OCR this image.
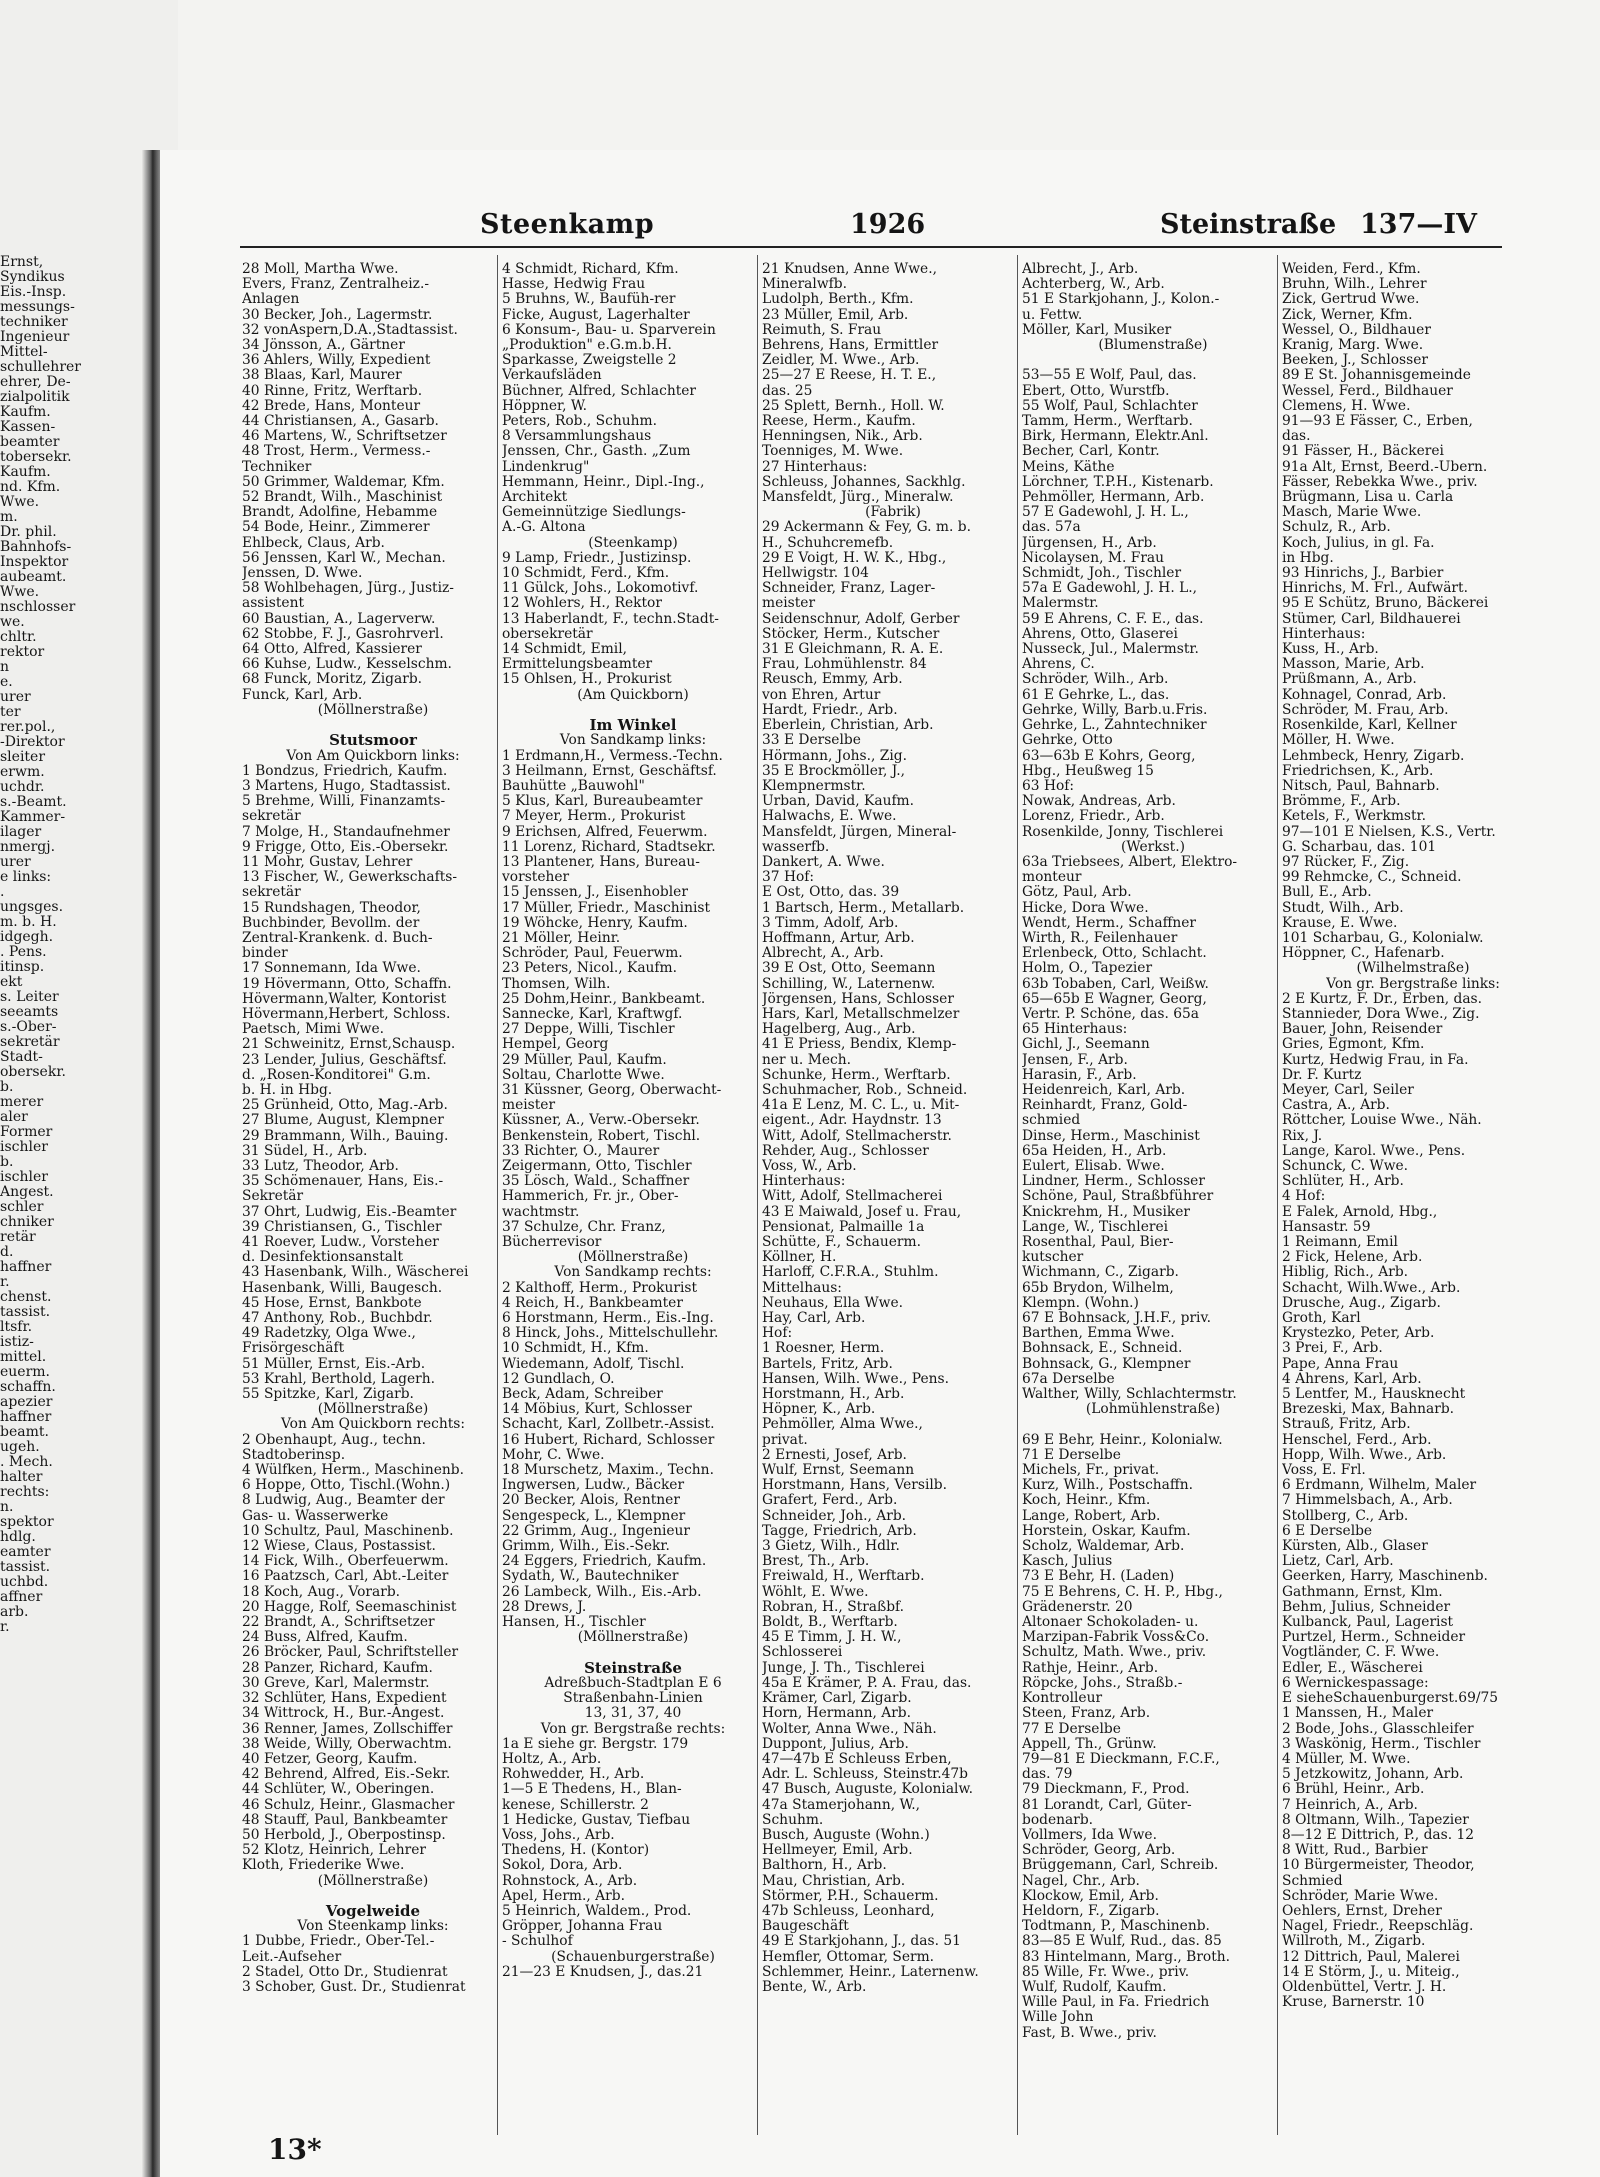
Ernst,
Syndikus
Eis.-Insp.
messungs-
techniker
Ingenieur
Mittel-
schullehrer
ehrer, De-
zialpolitik
Kaufm.
Kassen-
beamter
tobersekr.
Kaufm.
nd. Kfm.
Wwe.
m.
Dr. phil.
Bahnhofs-
Inspektor
aubeamt.
Wwe.
nschlosser
we.
chltr.
rektor
n
e.
urer
ter
rer.pol.,
-Direktor
sleiter
erwm.
uchdr.
s.-Beamt.
Kammer-
ilager
nmergj.
urer
e links:
.
ungsges.
m. b. H.
idgegh.
. Pens.
itinsp.
ekt
s. Leiter
seeamts
s.-Ober-
sekretär
Stadt-
obersekr.
b.
merer
aler
Former
ischler
b.
ischler
Angest.
schler
chniker
retär
d.
haffner
r.
chenst.
tassist.
ltsfr.
istiz-
mittel.
euerm.
schaffn.
apezier
haffner
beamt.
ugeh.
. Mech.
halter
rechts:
n.
spektor
hdlg.
eamter
tassist.
uchbd.
affner
arb.
r.
Steenkamp	1926	Steinstraße 137—IV
28 Moll, Martha Wwe.
Evers, Franz, Zentralheiz.-
Anlagen
30 Becker, Joh., Lagermstr.
32 vonAspern,D.A.,Stadtassist.
34 Jönsson, A., Gärtner
36 Ahlers, Willy, Expedient
38 Blaas, Karl, Maurer
40 Rinne, Fritz, Werftarb.
42 Brede, Hans, Monteur
44 Christiansen, A., Gasarb.
46 Martens, W., Schriftsetzer
48 Trost, Herm., Vermess.-
Techniker
50 Grimmer, Waldemar, Kfm.
52 Brandt, Wilh., Maschinist
Brandt, Adolfine, Hebamme
54 Bode, Heinr., Zimmerer
Ehlbeck, Claus, Arb.
56 Jenssen, Karl W., Mechan.
Jenssen, D. Wwe.
58 Wohlbehagen, Jürg., Justiz-
assistent
60 Baustian, A., Lagerverw.
62 Stobbe, F. J., Gasrohrverl.
64 Otto, Alfred, Kassierer
66 Kuhse, Ludw., Kesselschm.
68 Funck, Moritz, Zigarb.
Funck, Karl, Arb.
(Möllnerstraße)

Stutsmoor
Von Am Quickborn links:
1 Bondzus, Friedrich, Kaufm.
3 Martens, Hugo, Stadtassist.
5 Brehme, Willi, Finanzamts-
sekretär
7 Molge, H., Standaufnehmer
9 Frigge, Otto, Eis.-Obersekr.
11 Mohr, Gustav, Lehrer
13 Fischer, W., Gewerkschafts-
sekretär
15 Rundshagen, Theodor,
Buchbinder, Bevollm. der
Zentral-Krankenk. d. Buch-
binder
17 Sonnemann, Ida Wwe.
19 Hövermann, Otto, Schaffn.
Hövermann,Walter, Kontorist
Hövermann,Herbert, Schloss.
Paetsch, Mimi Wwe.
21 Schweinitz, Ernst,Schausp.
23 Lender, Julius, Geschäftsf.
d. „Rosen-Konditorei" G.m.
b. H. in Hbg.
25 Grünheid, Otto, Mag.-Arb.
27 Blume, August, Klempner
29 Brammann, Wilh., Bauing.
31 Südel, H., Arb.
33 Lutz, Theodor, Arb.
35 Schömenauer, Hans, Eis.-
Sekretär
37 Ohrt, Ludwig, Eis.-Beamter
39 Christiansen, G., Tischler
41 Roever, Ludw., Vorsteher
d. Desinfektionsanstalt
43 Hasenbank, Wilh., Wäscherei
Hasenbank, Willi, Baugesch.
45 Hose, Ernst, Bankbote
47 Anthony, Rob., Buchbdr.
49 Radetzky, Olga Wwe.,
Frisörgeschäft
51 Müller, Ernst, Eis.-Arb.
53 Krahl, Berthold, Lagerh.
55 Spitzke, Karl, Zigarb.
(Möllnerstraße)
Von Am Quickborn rechts:
2 Obenhaupt, Aug., techn.
Stadtoberinsp.
4 Wülfken, Herm., Maschinenb.
6 Hoppe, Otto, Tischl.(Wohn.)
8 Ludwig, Aug., Beamter der
Gas- u. Wasserwerke
10 Schultz, Paul, Maschinenb.
12 Wiese, Claus, Postassist.
14 Fick, Wilh., Oberfeuerwm.
16 Paatzsch, Carl, Abt.-Leiter
18 Koch, Aug., Vorarb.
20 Hagge, Rolf, Seemaschinist
22 Brandt, A., Schriftsetzer
24 Buss, Alfred, Kaufm.
26 Bröcker, Paul, Schriftsteller
28 Panzer, Richard, Kaufm.
30 Greve, Karl, Malermstr.
32 Schlüter, Hans, Expedient
34 Wittrock, H., Bur.-Angest.
36 Renner, James, Zollschiffer
38 Weide, Willy, Oberwachtm.
40 Fetzer, Georg, Kaufm.
42 Behrend, Alfred, Eis.-Sekr.
44 Schlüter, W., Oberingen.
46 Schulz, Heinr., Glasmacher
48 Stauff, Paul, Bankbeamter
50 Herbold, J., Oberpostinsp.
52 Klotz, Heinrich, Lehrer
Kloth, Friederike Wwe.
(Möllnerstraße)

Vogelweide
Von Steenkamp links:
1 Dubbe, Friedr., Ober-Tel.-
Leit.-Aufseher
2 Stadel, Otto Dr., Studienrat
3 Schober, Gust. Dr., Studienrat
4 Schmidt, Richard, Kfm.
Hasse, Hedwig Frau
5 Bruhns, W., Baufüh-rer
Ficke, August, Lagerhalter
6 Konsum-, Bau- u. Sparverein
„Produktion" e.G.m.b.H.
Sparkasse, Zweigstelle 2
Verkaufsläden
Büchner, Alfred, Schlachter
Höppner, W.
Peters, Rob., Schuhm.
8 Versammlungshaus
Jenssen, Chr., Gasth. „Zum
Lindenkrug"
Hemmann, Heinr., Dipl.-Ing.,
Architekt
Gemeinnützige Siedlungs-
A.-G. Altona
(Steenkamp)
9 Lamp, Friedr., Justizinsp.
10 Schmidt, Ferd., Kfm.
11 Gülck, Johs., Lokomotivf.
12 Wohlers, H., Rektor
13 Haberlandt, F., techn.Stadt-
obersekretär
14 Schmidt, Emil,
Ermittelungsbeamter
15 Ohlsen, H., Prokurist
(Am Quickborn)

Im Winkel
Von Sandkamp links:
1 Erdmann,H., Vermess.-Techn.
3 Heilmann, Ernst, Geschäftsf.
Bauhütte „Bauwohl"
5 Klus, Karl, Bureaubeamter
7 Meyer, Herm., Prokurist
9 Erichsen, Alfred, Feuerwm.
11 Lorenz, Richard, Stadtsekr.
13 Plantener, Hans, Bureau-
vorsteher
15 Jenssen, J., Eisenhobler
17 Müller, Friedr., Maschinist
19 Wöhcke, Henry, Kaufm.
21 Möller, Heinr.
Schröder, Paul, Feuerwm.
23 Peters, Nicol., Kaufm.
Thomsen, Wilh.
25 Dohm,Heinr., Bankbeamt.
Sannecke, Karl, Kraftwgf.
27 Deppe, Willi, Tischler
Hempel, Georg
29 Müller, Paul, Kaufm.
Soltau, Charlotte Wwe.
31 Küssner, Georg, Oberwacht-
meister
Küssner, A., Verw.-Obersekr.
Benkenstein, Robert, Tischl.
33 Richter, O., Maurer
Zeigermann, Otto, Tischler
35 Lösch, Wald., Schaffner
Hammerich, Fr. jr., Ober-
wachtmstr.
37 Schulze, Chr. Franz,
Bücherrevisor
(Möllnerstraße)
Von Sandkamp rechts:
2 Kalthoff, Herm., Prokurist
4 Reich, H., Bankbeamter
6 Horstmann, Herm., Eis.-Ing.
8 Hinck, Johs., Mittelschullehr.
10 Schmidt, H., Kfm.
Wiedemann, Adolf, Tischl.
12 Gundlach, O.
Beck, Adam, Schreiber
14 Möbius, Kurt, Schlosser
Schacht, Karl, Zollbetr.-Assist.
16 Hubert, Richard, Schlosser
Mohr, C. Wwe.
18 Murschetz, Maxim., Techn.
Ingwersen, Ludw., Bäcker
20 Becker, Alois, Rentner
Sengespeck, L., Klempner
22 Grimm, Aug., Ingenieur
Grimm, Wilh., Eis.-Sekr.
24 Eggers, Friedrich, Kaufm.
Sydath, W., Bautechniker
26 Lambeck, Wilh., Eis.-Arb.
28 Drews, J.
Hansen, H., Tischler
(Möllnerstraße)

Steinstraße
Adreßbuch-Stadtplan E 6
Straßenbahn-Linien
13, 31, 37, 40
Von gr. Bergstraße rechts:
1a E siehe gr. Bergstr. 179
Holtz, A., Arb.
Rohwedder, H., Arb.
1—5 E Thedens, H., Blan-
kenese, Schillerstr. 2
1 Hedicke, Gustav, Tiefbau
Voss, Johs., Arb.
Thedens, H. (Kontor)
Sokol, Dora, Arb.
Rohnstock, A., Arb.
Apel, Herm., Arb.
5 Heinrich, Waldem., Prod.
Gröpper, Johanna Frau
- Schulhof
(Schauenburgerstraße)
21—23 E Knudsen, J., das.21
21 Knudsen, Anne Wwe.,
Mineralwfb.
Ludolph, Berth., Kfm.
23 Müller, Emil, Arb.
Reimuth, S. Frau
Behrens, Hans, Ermittler
Zeidler, M. Wwe., Arb.
25—27 E Reese, H. T. E.,
das. 25
25 Splett, Bernh., Holl. W.
Reese, Herm., Kaufm.
Henningsen, Nik., Arb.
Toenniges, M. Wwe.
27 Hinterhaus:
Schleuss, Johannes, Sackhlg.
Mansfeldt, Jürg., Mineralw.
(Fabrik)
29 Ackermann & Fey, G. m. b.
H., Schuhcremefb.
29 E Voigt, H. W. K., Hbg.,
Hellwigstr. 104
Schneider, Franz, Lager-
meister
Seidenschnur, Adolf, Gerber
Stöcker, Herm., Kutscher
31 E Gleichmann, R. A. E.
Frau, Lohmühlenstr. 84
Reusch, Emmy, Arb.
von Ehren, Artur
Hardt, Friedr., Arb.
Eberlein, Christian, Arb.
33 E Derselbe
Hörmann, Johs., Zig.
35 E Brockmöller, J.,
Klempnermstr.
Urban, David, Kaufm.
Halwachs, E. Wwe.
Mansfeldt, Jürgen, Mineral-
wasserfb.
Dankert, A. Wwe.
37 Hof:
E Ost, Otto, das. 39
1 Bartsch, Herm., Metallarb.
3 Timm, Adolf, Arb.
Hoffmann, Artur, Arb.
Albrecht, A., Arb.
39 E Ost, Otto, Seemann
Schilling, W., Laternenw.
Jörgensen, Hans, Schlosser
Hars, Karl, Metallschmelzer
Hagelberg, Aug., Arb.
41 E Priess, Bendix, Klemp-
ner u. Mech.
Schunke, Herm., Werftarb.
Schuhmacher, Rob., Schneid.
41a E Lenz, M. C. L., u. Mit-
eigent., Adr. Haydnstr. 13
Witt, Adolf, Stellmacherstr.
Rehder, Aug., Schlosser
Voss, W., Arb.
Hinterhaus:
Witt, Adolf, Stellmacherei
43 E Maiwald, Josef u. Frau,
Pensionat, Palmaille 1a
Schütte, F., Schauerm.
Köllner, H.
Harloff, C.F.R.A., Stuhlm.
Mittelhaus:
Neuhaus, Ella Wwe.
Hay, Carl, Arb.
Hof:
1 Roesner, Herm.
Bartels, Fritz, Arb.
Hansen, Wilh. Wwe., Pens.
Horstmann, H., Arb.
Höpner, K., Arb.
Pehmöller, Alma Wwe.,
privat.
2 Ernesti, Josef, Arb.
Wulf, Ernst, Seemann
Horstmann, Hans, Versilb.
Grafert, Ferd., Arb.
Schneider, Joh., Arb.
Tagge, Friedrich, Arb.
3 Gietz, Wilh., Hdlr.
Brest, Th., Arb.
Freiwald, H., Werftarb.
Wöhlt, E. Wwe.
Robran, H., Straßbf.
Boldt, B., Werftarb.
45 E Timm, J. H. W.,
Schlosserei
Junge, J. Th., Tischlerei
45a E Krämer, P. A. Frau, das.
Krämer, Carl, Zigarb.
Horn, Hermann, Arb.
Wolter, Anna Wwe., Näh.
Duppont, Julius, Arb.
47—47b E Schleuss Erben,
Adr. L. Schleuss, Steinstr.47b
47 Busch, Auguste, Kolonialw.
47a Stamerjohann, W.,
Schuhm.
Busch, Auguste (Wohn.)
Hellmeyer, Emil, Arb.
Balthorn, H., Arb.
Mau, Christian, Arb.
Störmer, P.H., Schauerm.
47b Schleuss, Leonhard,
Baugeschäft
49 E Starkjohann, J., das. 51
Hemfler, Ottomar, Serm.
Schlemmer, Heinr., Laternenw.
Bente, W., Arb.
Albrecht, J., Arb.
Achterberg, W., Arb.
51 E Starkjohann, J., Kolon.-
u. Fettw.
Möller, Karl, Musiker
(Blumenstraße)

53—55 E Wolf, Paul, das.
Ebert, Otto, Wurstfb.
55 Wolf, Paul, Schlachter
Tamm, Herm., Werftarb.
Birk, Hermann, Elektr.Anl.
Becher, Carl, Kontr.
Meins, Käthe
Lörchner, T.P.H., Kistenarb.
Pehmöller, Hermann, Arb.
57 E Gadewohl, J. H. L.,
das. 57a
Jürgensen, H., Arb.
Nicolaysen, M. Frau
Schmidt, Joh., Tischler
57a E Gadewohl, J. H. L.,
Malermstr.
59 E Ahrens, C. F. E., das.
Ahrens, Otto, Glaserei
Nusseck, Jul., Malermstr.
Ahrens, C.
Schröder, Wilh., Arb.
61 E Gehrke, L., das.
Gehrke, Willy, Barb.u.Fris.
Gehrke, L., Zahntechniker
Gehrke, Otto
63—63b E Kohrs, Georg,
Hbg., Heußweg 15
63 Hof:
Nowak, Andreas, Arb.
Lorenz, Friedr., Arb.
Rosenkilde, Jonny, Tischlerei
(Werkst.)
63a Triebsees, Albert, Elektro-
monteur
Götz, Paul, Arb.
Hicke, Dora Wwe.
Wendt, Herm., Schaffner
Wirth, R., Feilenhauer
Erlenbeck, Otto, Schlacht.
Holm, O., Tapezier
63b Tobaben, Carl, Weißw.
65—65b E Wagner, Georg,
Vertr. P. Schöne, das. 65a
65 Hinterhaus:
Gichl, J., Seemann
Jensen, F., Arb.
Harasin, F., Arb.
Heidenreich, Karl, Arb.
Reinhardt, Franz, Gold-
schmied
Dinse, Herm., Maschinist
65a Heiden, H., Arb.
Eulert, Elisab. Wwe.
Lindner, Herm., Schlosser
Schöne, Paul, Straßbführer
Knickrehm, H., Musiker
Lange, W., Tischlerei
Rosenthal, Paul, Bier-
kutscher
Wichmann, C., Zigarb.
65b Brydon, Wilhelm,
Klempn. (Wohn.)
67 E Bohnsack, J.H.F., priv.
Barthen, Emma Wwe.
Bohnsack, E., Schneid.
Bohnsack, G., Klempner
67a Derselbe
Walther, Willy, Schlachtermstr.
(Lohmühlenstraße)

69 E Behr, Heinr., Kolonialw.
71 E Derselbe
Michels, Fr., privat.
Kurz, Wilh., Postschaffn.
Koch, Heinr., Kfm.
Lange, Robert, Arb.
Horstein, Oskar, Kaufm.
Scholz, Waldemar, Arb.
Kasch, Julius
73 E Behr, H. (Laden)
75 E Behrens, C. H. P., Hbg.,
Grädenerstr. 20
Altonaer Schokoladen- u.
Marzipan-Fabrik Voss&Co.
Schultz, Math. Wwe., priv.
Rathje, Heinr., Arb.
Röpcke, Johs., Straßb.-
Kontrolleur
Steen, Franz, Arb.
77 E Derselbe
Appell, Th., Grünw.
79—81 E Dieckmann, F.C.F.,
das. 79
79 Dieckmann, F., Prod.
81 Lorandt, Carl, Güter-
bodenarb.
Vollmers, Ida Wwe.
Schröder, Georg, Arb.
Brüggemann, Carl, Schreib.
Nagel, Chr., Arb.
Klockow, Emil, Arb.
Heldorn, F., Zigarb.
Todtmann, P., Maschinenb.
83—85 E Wulf, Rud., das. 85
83 Hintelmann, Marg., Broth.
85 Wille, Fr. Wwe., priv.
Wulf, Rudolf, Kaufm.
Wille Paul, in Fa. Friedrich
Wille John
Fast, B. Wwe., priv.
Weiden, Ferd., Kfm.
Bruhn, Wilh., Lehrer
Zick, Gertrud Wwe.
Zick, Werner, Kfm.
Wessel, O., Bildhauer
Kranig, Marg. Wwe.
Beeken, J., Schlosser
89 E St. Johannisgemeinde
Wessel, Ferd., Bildhauer
Clemens, H. Wwe.
91—93 E Fässer, C., Erben,
das.
91 Fässer, H., Bäckerei
91a Alt, Ernst, Beerd.-Übern.
Fässer, Rebekka Wwe., priv.
Brügmann, Lisa u. Carla
Masch, Marie Wwe.
Schulz, R., Arb.
Koch, Julius, in gl. Fa.
in Hbg.
93 Hinrichs, J., Barbier
Hinrichs, M. Frl., Aufwärt.
95 E Schütz, Bruno, Bäckerei
Stümer, Carl, Bildhauerei
Hinterhaus:
Kuss, H., Arb.
Masson, Marie, Arb.
Prüßmann, A., Arb.
Kohnagel, Conrad, Arb.
Schröder, M. Frau, Arb.
Rosenkilde, Karl, Kellner
Möller, H. Wwe.
Lehmbeck, Henry, Zigarb.
Friedrichsen, K., Arb.
Nitsch, Paul, Bahnarb.
Brömme, F., Arb.
Ketels, F., Werkmstr.
97—101 E Nielsen, K.S., Vertr.
G. Scharbau, das. 101
97 Rücker, F., Zig.
99 Rehmcke, C., Schneid.
Bull, E., Arb.
Studt, Wilh., Arb.
Krause, E. Wwe.
101 Scharbau, G., Kolonialw.
Höppner, C., Hafenarb.
(Wilhelmstraße)
Von gr. Bergstraße links:
2 E Kurtz, F. Dr., Erben, das.
Stannieder, Dora Wwe., Zig.
Bauer, John, Reisender
Gries, Egmont, Kfm.
Kurtz, Hedwig Frau, in Fa.
Dr. F. Kurtz
Meyer, Carl, Seiler
Castra, A., Arb.
Röttcher, Louise Wwe., Näh.
Rix, J.
Lange, Karol. Wwe., Pens.
Schunck, C. Wwe.
Schlüter, H., Arb.
4 Hof:
E Falek, Arnold, Hbg.,
Hansastr. 59
1 Reimann, Emil
2 Fick, Helene, Arb.
Hiblig, Rich., Arb.
Schacht, Wilh.Wwe., Arb.
Drusche, Aug., Zigarb.
Groth, Karl
Krystezko, Peter, Arb.
3 Prei, F., Arb.
Pape, Anna Frau
4 Ahrens, Karl, Arb.
5 Lentfer, M., Hausknecht
Brezeski, Max, Bahnarb.
Strauß, Fritz, Arb.
Henschel, Ferd., Arb.
Hopp, Wilh. Wwe., Arb.
Voss, E. Frl.
6 Erdmann, Wilhelm, Maler
7 Himmelsbach, A., Arb.
Stollberg, C., Arb.
6 E Derselbe
Kürsten, Alb., Glaser
Lietz, Carl, Arb.
Geerken, Harry, Maschinenb.
Gathmann, Ernst, Klm.
Behm, Julius, Schneider
Kulbanck, Paul, Lagerist
Purtzel, Herm., Schneider
Vogtländer, C. F. Wwe.
Edler, E., Wäscherei
6 Wernickespassage:
E sieheSchauenburgerst.69/75
1 Manssen, H., Maler
2 Bode, Johs., Glasschleifer
3 Waskönig, Herm., Tischler
4 Müller, M. Wwe.
5 Jetzkowitz, Johann, Arb.
6 Brühl, Heinr., Arb.
7 Heinrich, A., Arb.
8 Oltmann, Wilh., Tapezier
8—12 E Dittrich, P., das. 12
8 Witt, Rud., Barbier
10 Bürgermeister, Theodor,
Schmied
Schröder, Marie Wwe.
Oehlers, Ernst, Dreher
Nagel, Friedr., Reepschläg.
Willroth, M., Zigarb.
12 Dittrich, Paul, Malerei
14 E Störm, J., u. Miteig.,
Oldenbüttel, Vertr. J. H.
Kruse, Barnerstr. 10
13*
